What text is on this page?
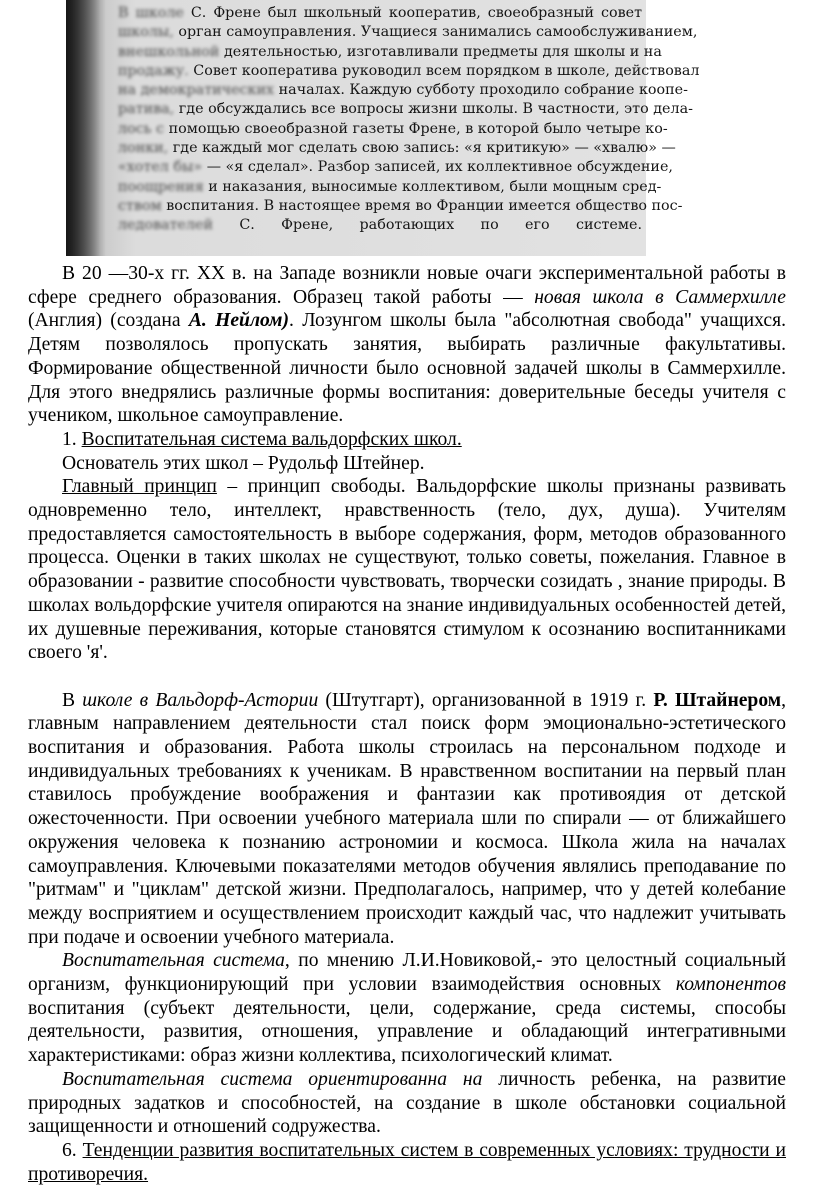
В школе С. Френе был школьный кооператив, своеобразный совет
школы, орган самоуправления. Учащиеся занимались самообслуживанием,
внешкольной деятельностью, изготавливали предметы для школы и на
продажу. Совет кооператива руководил всем порядком в школе, действовал
на демократических началах. Каждую субботу проходило собрание коопе-
ратива, где обсуждались все вопросы жизни школы. В частности, это дела-
лось с помощью своеобразной газеты Френе, в которой было четыре ко-
лонки, где каждый мог сделать свою запись: «я критикую» — «хвалю» —
«хотел бы» — «я сделал». Разбор записей, их коллективное обсуждение,
поощрения и наказания, выносимые коллективом, были мощным сред-
ством воспитания. В настоящее время во Франции имеется общество пос-
ледователей С. Френе, работающих по его системе.

В 20 —30-х гг. XX в. на Западе возникли новые очаги экспериментальной работы в сфере среднего образования. Образец такой работы — новая школа в Саммерхилле (Англия) (создана А. Нейлом). Лозунгом школы была "абсолютная свобода" учащихся. Детям позволялось пропускать занятия, выбирать различные факультативы. Формирование общественной личности было основной задачей школы в Саммерхилле. Для этого внедрялись различные формы воспитания: доверительные беседы учителя с учеником, школьное самоуправление.

1. Воспитательная система вальдорфских школ.

Основатель этих школ – Рудольф Штейнер.

Главный принцип – принцип свободы. Вальдорфские школы признаны развивать одновременно тело, интеллект, нравственность (тело, дух, душа). Учителям предоставляется самостоятельность в выборе содержания, форм, методов образованного процесса. Оценки в таких школах не существуют, только советы, пожелания. Главное в образовании - развитие способности чувствовать, творчески созидать , знание природы. В школах вольдорфские учителя опираются на знание индивидуальных особенностей детей, их душевные переживания, которые становятся стимулом к осознанию воспитанниками своего 'я'.

В школе в Вальдорф-Астории (Штутгарт), организованной в 1919 г. Р. Штайнером, главным направлением деятельности стал поиск форм эмоционально-эстетического воспитания и образования. Работа школы строилась на персональном подходе и индивидуальных требованиях к ученикам. В нравственном воспитании на первый план ставилось пробуждение воображения и фантазии как противоядия от детской ожесточенности. При освоении учебного материала шли по спирали — от ближайшего окружения человека к познанию астрономии и космоса. Школа жила на началах самоуправления. Ключевыми показателями методов обучения являлись преподавание по "ритмам" и "циклам" детской жизни. Предполагалось, например, что у детей колебание между восприятием и осуществлением происходит каждый час, что надлежит учитывать при подаче и освоении учебного материала.

Воспитательная система, по мнению Л.И.Новиковой,- это целостный социальный организм, функционирующий при условии взаимодействия основных компонентов воспитания (субъект деятельности, цели, содержание, среда системы, способы деятельности, развития, отношения, управление и обладающий интегративными характеристиками: образ жизни коллектива, психологический климат.

Воспитательная система ориентированна на личность ребенка, на развитие природных задатков и способностей, на создание в школе обстановки социальной защищенности и отношений содружества.

6. Тенденции развития воспитательных систем в современных условиях: трудности и противоречия.
